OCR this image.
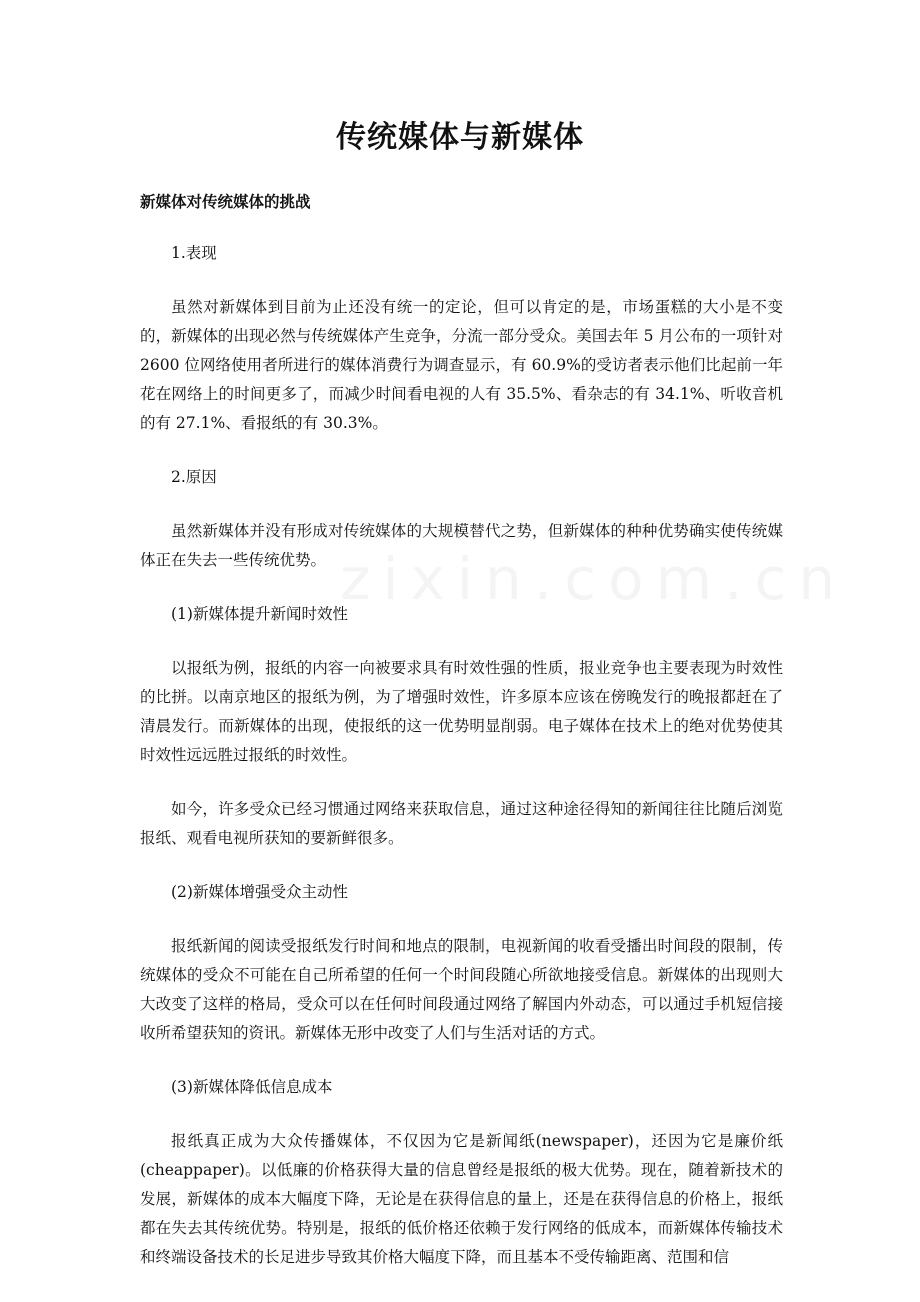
传统媒体与新媒体

新媒体对传统媒体的挑战

1.表现

虽然对新媒体到目前为止还没有统一的定论，但可以肯定的是，市场蛋糕的大小是不变的，新媒体的出现必然与传统媒体产生竞争，分流一部分受众。美国去年 5 月公布的一项针对 2600 位网络使用者所进行的媒体消费行为调查显示，有 60.9%的受访者表示他们比起前一年花在网络上的时间更多了，而减少时间看电视的人有 35.5%、看杂志的有 34.1%、听收音机的有 27.1%、看报纸的有 30.3%。

2.原因

虽然新媒体并没有形成对传统媒体的大规模替代之势，但新媒体的种种优势确实使传统媒体正在失去一些传统优势。

(1)新媒体提升新闻时效性

以报纸为例，报纸的内容一向被要求具有时效性强的性质，报业竞争也主要表现为时效性的比拼。以南京地区的报纸为例，为了增强时效性，许多原本应该在傍晚发行的晚报都赶在了清晨发行。而新媒体的出现，使报纸的这一优势明显削弱。电子媒体在技术上的绝对优势使其时效性远远胜过报纸的时效性。

如今，许多受众已经习惯通过网络来获取信息，通过这种途径得知的新闻往往比随后浏览报纸、观看电视所获知的要新鲜很多。

(2)新媒体增强受众主动性

报纸新闻的阅读受报纸发行时间和地点的限制，电视新闻的收看受播出时间段的限制，传统媒体的受众不可能在自己所希望的任何一个时间段随心所欲地接受信息。新媒体的出现则大大改变了这样的格局，受众可以在任何时间段通过网络了解国内外动态，可以通过手机短信接收所希望获知的资讯。新媒体无形中改变了人们与生活对话的方式。

(3)新媒体降低信息成本

报纸真正成为大众传播媒体，不仅因为它是新闻纸(newspaper)，还因为它是廉价纸(cheappaper)。以低廉的价格获得大量的信息曾经是报纸的极大优势。现在，随着新技术的发展，新媒体的成本大幅度下降，无论是在获得信息的量上，还是在获得信息的价格上，报纸都在失去其传统优势。特别是，报纸的低价格还依赖于发行网络的低成本，而新媒体传输技术和终端设备技术的长足进步导致其价格大幅度下降，而且基本不受传输距离、范围和信
